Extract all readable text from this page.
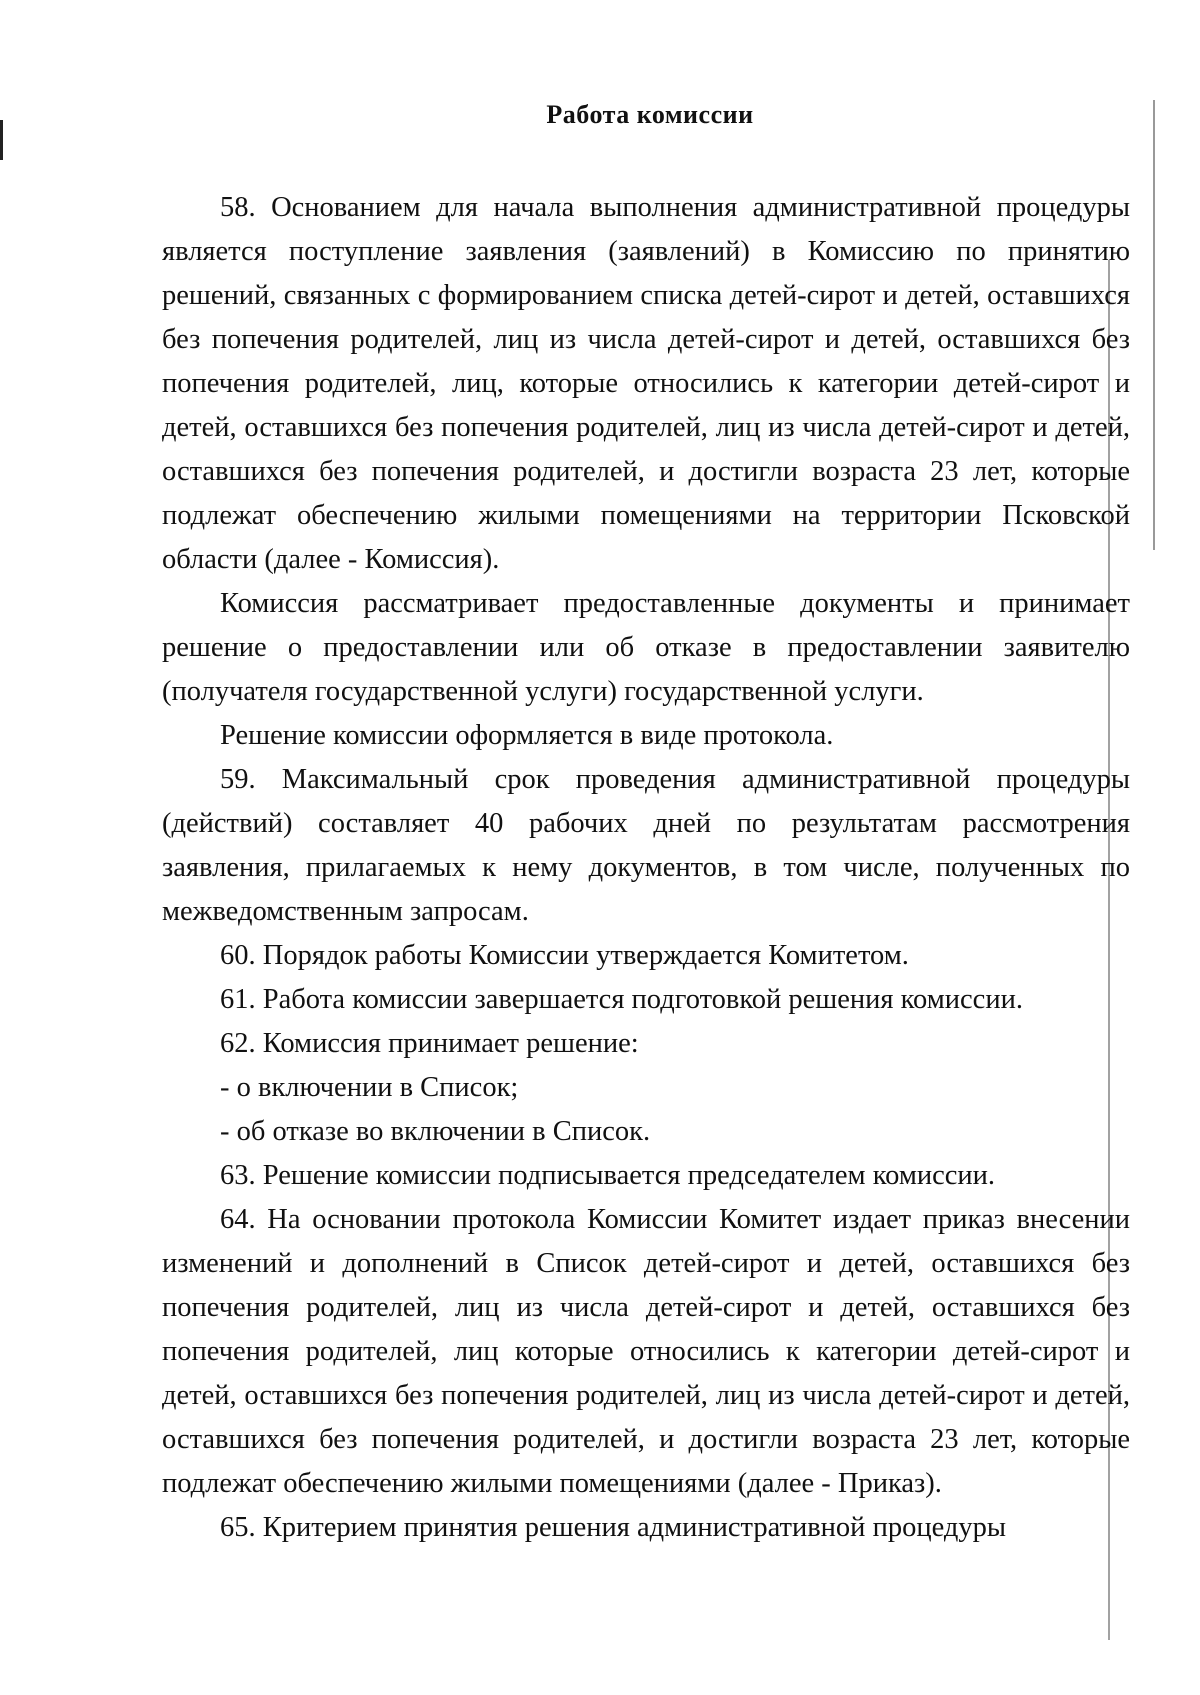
Работа комиссии

58. Основанием для начала выполнения административной процедуры является поступление заявления (заявлений) в Комиссию по принятию решений, связанных с формированием списка детей-сирот и детей, оставшихся без попечения родителей, лиц из числа детей-сирот и детей, оставшихся без попечения родителей, лиц, которые относились к категории детей-сирот и детей, оставшихся без попечения родителей, лиц из числа детей-сирот и детей, оставшихся без попечения родителей, и достигли возраста 23 лет, которые подлежат обеспечению жилыми помещениями на территории Псковской области (далее - Комиссия).

Комиссия рассматривает предоставленные документы и принимает решение о предоставлении или об отказе в предоставлении заявителю (получателя государственной услуги) государственной услуги.

Решение комиссии оформляется в виде протокола.

59. Максимальный срок проведения административной процедуры (действий) составляет 40 рабочих дней по результатам рассмотрения заявления, прилагаемых к нему документов, в том числе, полученных по межведомственным запросам.

60. Порядок работы Комиссии утверждается Комитетом.

61. Работа комиссии завершается подготовкой решения комиссии.

62. Комиссия принимает решение:

- о включении в Список;

- об отказе во включении в Список.

63. Решение комиссии подписывается председателем комиссии.

64. На основании протокола Комиссии Комитет издает приказ внесении изменений и дополнений в Список детей-сирот и детей, оставшихся без попечения родителей, лиц из числа детей-сирот и детей, оставшихся без попечения родителей, лиц которые относились к категории детей-сирот и детей, оставшихся без попечения родителей, лиц из числа детей-сирот и детей, оставшихся без попечения родителей, и достигли возраста 23 лет, которые подлежат обеспечению жилыми помещениями (далее - Приказ).

65. Критерием принятия решения административной процедуры
